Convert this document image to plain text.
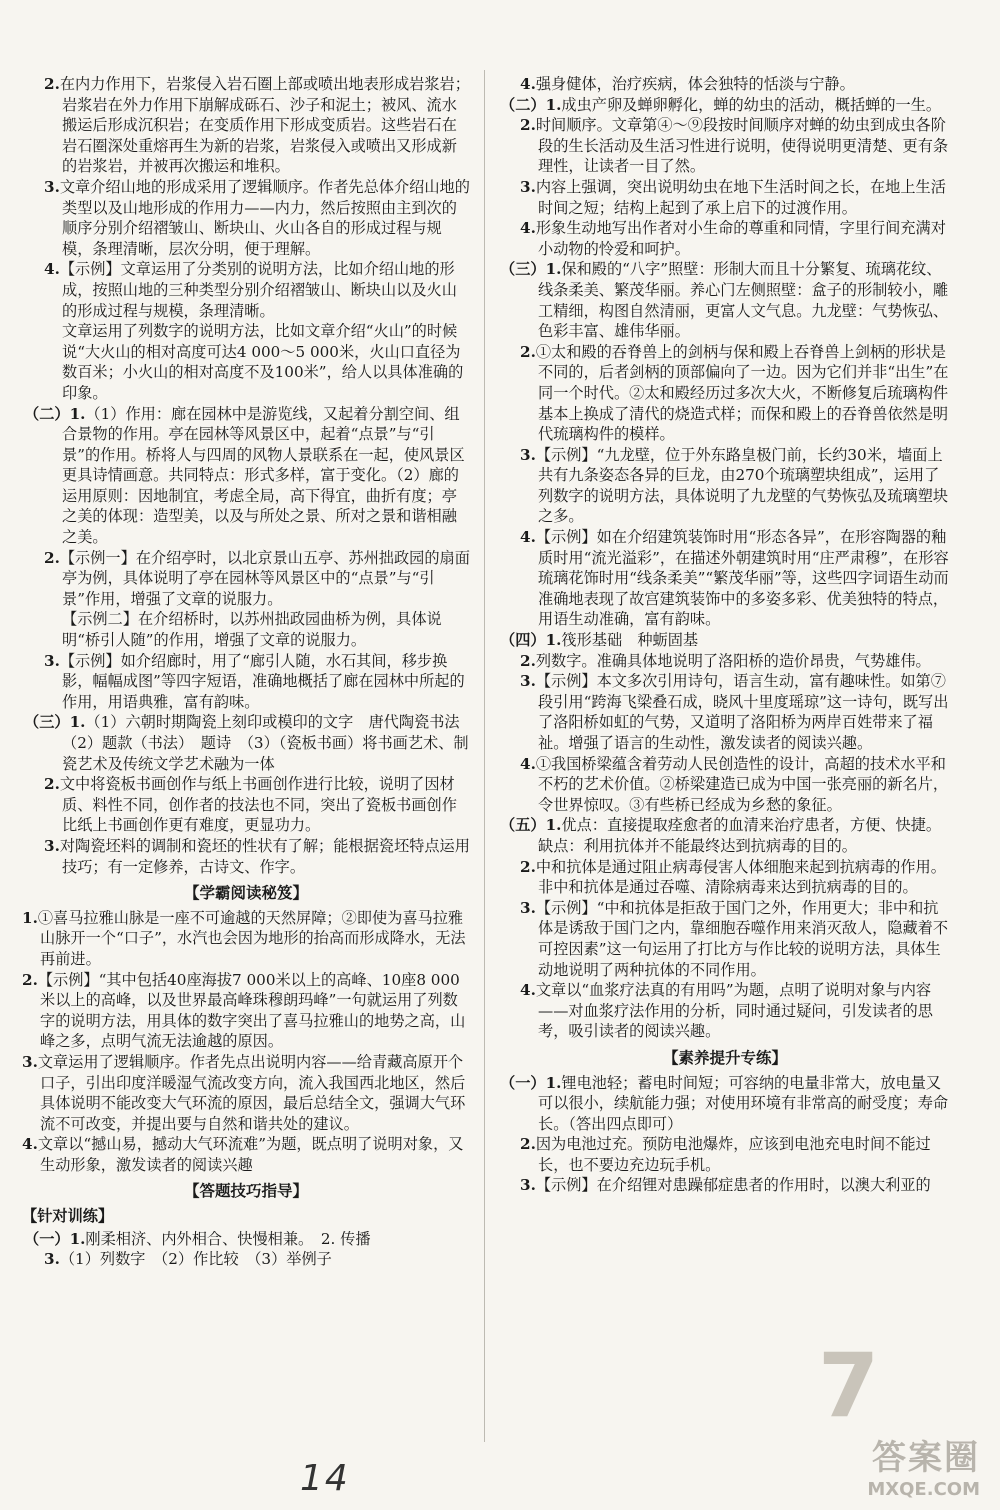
2.在内力作用下，岩浆侵入岩石圈上部或喷出地表形成岩浆岩；岩浆岩在外力作用下崩解成砾石、沙子和泥土；被风、流水搬运后形成沉积岩；在变质作用下形成变质岩。这些岩石在岩石圈深处重熔再生为新的岩浆，岩浆侵入或喷出又形成新的岩浆岩，并被再次搬运和堆积。
3.文章介绍山地的形成采用了逻辑顺序。作者先总体介绍山地的类型以及山地形成的作用力——内力，然后按照由主到次的顺序分别介绍褶皱山、断块山、火山各自的形成过程与规模，条理清晰，层次分明，便于理解。
4.【示例】文章运用了分类别的说明方法，比如介绍山地的形成，按照山地的三种类型分别介绍褶皱山、断块山以及火山的形成过程与规模，条理清晰。
文章运用了列数字的说明方法，比如文章介绍“火山”的时候说“大火山的相对高度可达4 000～5 000米，火山口直径为数百米；小火山的相对高度不及100米”，给人以具体准确的印象。
（二）1.（1）作用：廊在园林中是游览线，又起着分割空间、组合景物的作用。亭在园林等风景区中，起着“点景”与“引景”的作用。桥将人与四周的风物人景联系在一起，使风景区更具诗情画意。共同特点：形式多样，富于变化。（2）廊的运用原则：因地制宜，考虑全局，高下得宜，曲折有度；亭之美的体现：造型美，以及与所处之景、所对之景和谐相融之美。
2.【示例一】在介绍亭时，以北京景山五亭、苏州拙政园的扇面亭为例，具体说明了亭在园林等风景区中的“点景”与“引景”作用，增强了文章的说服力。
【示例二】在介绍桥时，以苏州拙政园曲桥为例，具体说明“桥引人随”的作用，增强了文章的说服力。
3.【示例】如介绍廊时，用了“廊引人随，水石其间，移步换影，幅幅成图”等四字短语，准确地概括了廊在园林中所起的作用，用语典雅，富有韵味。
（三）1.（1）六朝时期陶瓷上刻印或模印的文字　唐代陶瓷书法　（2）题款（书法）　题诗　（3）（瓷板书画）将书画艺术、制瓷艺术及传统文学艺术融为一体
2.文中将瓷板书画创作与纸上书画创作进行比较，说明了因材质、料性不同，创作者的技法也不同，突出了瓷板书画创作比纸上书画创作更有难度，更显功力。
3.对陶瓷坯料的调制和瓷坯的性状有了解；能根据瓷坯特点运用技巧；有一定修养，古诗文、作字。
【学霸阅读秘笈】
1.①喜马拉雅山脉是一座不可逾越的天然屏障；②即使为喜马拉雅山脉开一个“口子”，水汽也会因为地形的抬高而形成降水，无法再前进。
2.【示例】“其中包括40座海拔7 000米以上的高峰、10座8 000米以上的高峰，以及世界最高峰珠穆朗玛峰”一句就运用了列数字的说明方法，用具体的数字突出了喜马拉雅山的地势之高，山峰之多，点明气流无法逾越的原因。
3.文章运用了逻辑顺序。作者先点出说明内容——给青藏高原开个口子，引出印度洋暖湿气流改变方向，流入我国西北地区，然后具体说明不能改变大气环流的原因，最后总结全文，强调大气环流不可改变，并提出要与自然和谐共处的建议。
4.文章以“撼山易，撼动大气环流难”为题，既点明了说明对象，又生动形象，激发读者的阅读兴趣
【答题技巧指导】
【针对训练】
（一）1.刚柔相济、内外相合、快慢相兼。　2. 传播
3.（1）列数字　（2）作比较　（3）举例子
4.强身健体，治疗疾病，体会独特的恬淡与宁静。
（二）1.成虫产卵及蝉卵孵化，蝉的幼虫的活动，概括蝉的一生。
2.时间顺序。文章第④～⑨段按时间顺序对蝉的幼虫到成虫各阶段的生长活动及生活习性进行说明，使得说明更清楚、更有条理性，让读者一目了然。
3.内容上强调，突出说明幼虫在地下生活时间之长，在地上生活时间之短；结构上起到了承上启下的过渡作用。
4.形象生动地写出作者对小生命的尊重和同情，字里行间充满对小动物的怜爱和呵护。
（三）1.保和殿的“八字”照壁：形制大而且十分繁复、琉璃花纹、线条柔美、繁茂华丽。养心门左侧照壁：盒子的形制较小，雕工精细，构图自然清丽，更富人文气息。九龙壁：气势恢弘、色彩丰富、雄伟华丽。
2.①太和殿的吞脊兽上的剑柄与保和殿上吞脊兽上剑柄的形状是不同的，后者剑柄的顶部偏向了一边。因为它们并非“出生”在同一个时代。②太和殿经历过多次大火，不断修复后琉璃构件基本上换成了清代的烧造式样；而保和殿上的吞脊兽依然是明代琉璃构件的模样。
3.【示例】“九龙壁，位于外东路皇极门前，长约30米，墙面上共有九条姿态各异的巨龙，由270个琉璃塑块组成”，运用了列数字的说明方法，具体说明了九龙壁的气势恢弘及琉璃塑块之多。
4.【示例】如在介绍建筑装饰时用“形态各异”，在形容陶器的釉质时用“流光溢彩”，在描述外朝建筑时用“庄严肃穆”，在形容琉璃花饰时用“线条柔美”“繁茂华丽”等，这些四字词语生动而准确地表现了故宫建筑装饰中的多姿多彩、优美独特的特点，用语生动准确，富有韵味。
（四）1.筏形基础　种蛎固基
2.列数字。准确具体地说明了洛阳桥的造价昂贵，气势雄伟。
3.【示例】本文多次引用诗句，语言生动，富有趣味性。如第⑦段引用“跨海飞梁叠石成，晓风十里度瑶琼”这一诗句，既写出了洛阳桥如虹的气势，又道明了洛阳桥为两岸百姓带来了福祉。增强了语言的生动性，激发读者的阅读兴趣。
4.①我国桥梁蕴含着劳动人民创造性的设计，高超的技术水平和不朽的艺术价值。②桥梁建造已成为中国一张亮丽的新名片，令世界惊叹。③有些桥已经成为乡愁的象征。
（五）1.优点：直接提取痊愈者的血清来治疗患者，方便、快捷。缺点：利用抗体并不能最终达到抗病毒的目的。
2.中和抗体是通过阻止病毒侵害人体细胞来起到抗病毒的作用。非中和抗体是通过吞噬、清除病毒来达到抗病毒的目的。
3.【示例】“中和抗体是拒敌于国门之外，作用更大；非中和抗体是诱敌于国门之内，靠细胞吞噬作用来消灭敌人，隐藏着不可控因素”这一句运用了打比方与作比较的说明方法，具体生动地说明了两种抗体的不同作用。
4.文章以“血浆疗法真的有用吗”为题，点明了说明对象与内容——对血浆疗法作用的分析，同时通过疑问，引发读者的思考，吸引读者的阅读兴趣。
【素养提升专练】
（一）1.锂电池轻；蓄电时间短；可容纳的电量非常大，放电量又可以很小，续航能力强；对使用环境有非常高的耐受度；寿命长。（答出四点即可）
2.因为电池过充。预防电池爆炸，应该到电池充电时间不能过长，也不要边充边玩手机。
3.【示例】在介绍锂对患躁郁症患者的作用时，以澳大利亚的
7
14	答案圈
MXQE.COM
